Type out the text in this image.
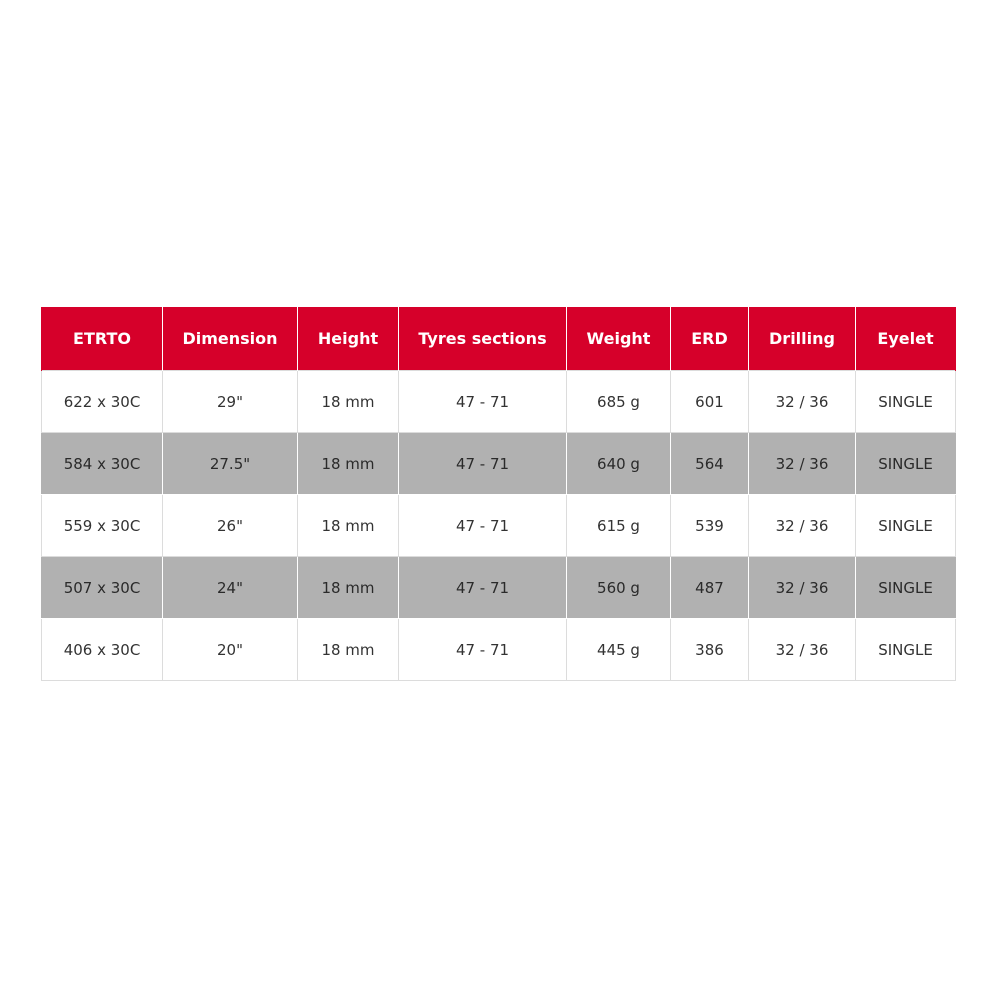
ETRTO	Dimension	Height	Tyres sections	Weight	ERD	Drilling	Eyelet
622 x 30C	29"	18 mm	47 - 71	685 g	601	32 / 36	SINGLE
584 x 30C	27.5"	18 mm	47 - 71	640 g	564	32 / 36	SINGLE
559 x 30C	26"	18 mm	47 - 71	615 g	539	32 / 36	SINGLE
507 x 30C	24"	18 mm	47 - 71	560 g	487	32 / 36	SINGLE
406 x 30C	20"	18 mm	47 - 71	445 g	386	32 / 36	SINGLE
